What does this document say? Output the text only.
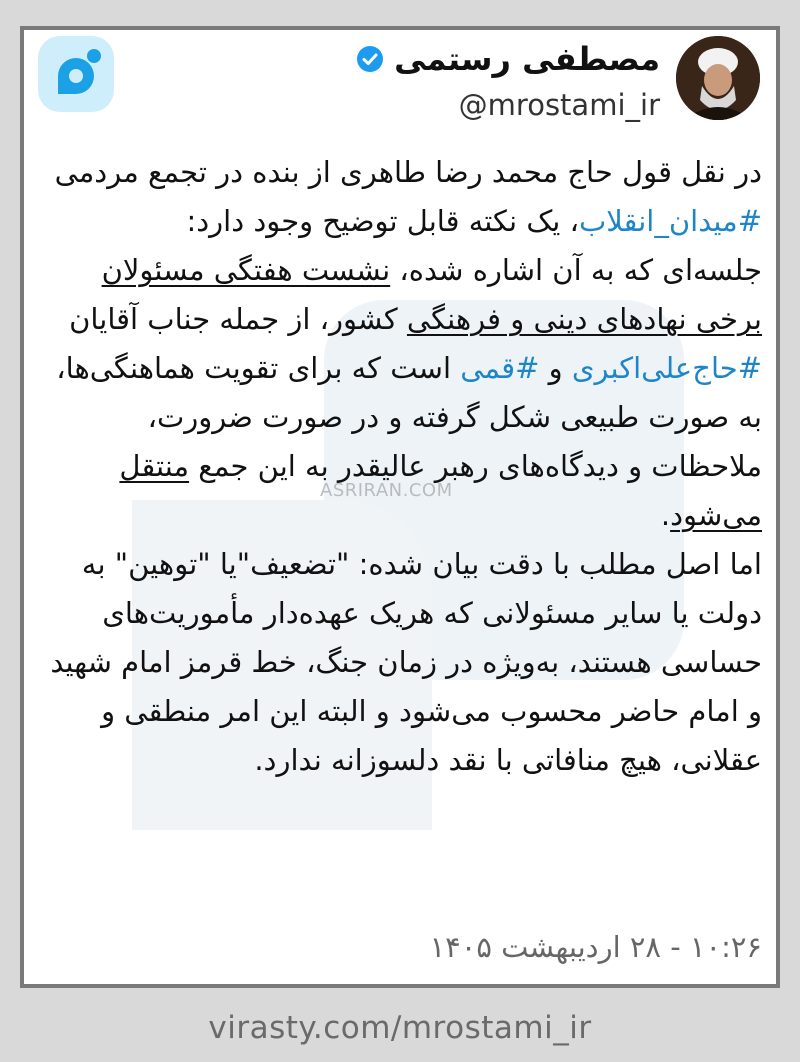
ASRIRAN.COM
مصطفی رستمی
@mrostami_ir
در نقل قول حاج محمد رضا طاهری از بنده در تجمع مردمی #میدان_انقلاب، یک نکته قابل توضیح وجود دارد:
جلسه‌ای که به آن اشاره شده، نشست هفتگی مسئولان برخی نهادهای دینی و فرهنگی کشور، از جمله جناب آقایان #حاج‌علی‌اکبری و #قمی است که برای تقویت هماهنگی‌ها، به صورت طبیعی شکل گرفته و در صورت ضرورت، ملاحظات و دیدگاه‌های رهبر عالیقدر به این جمع منتقل می‌شود.
اما اصل مطلب با دقت بیان شده: "تضعیف"یا "توهین" به دولت یا سایر مسئولانی که هریک عهده‌دار مأموریت‌های حساسی هستند، به‌ویژه در زمان جنگ، خط قرمز امام شهید و امام حاضر محسوب می‌شود و البته این امر منطقی و عقلانی، هیچ منافاتی با نقد دلسوزانه ندارد.
۱۰:۲۶ - ۲۸ اردیبهشت ۱۴۰۵
virasty.com/mrostami_ir
